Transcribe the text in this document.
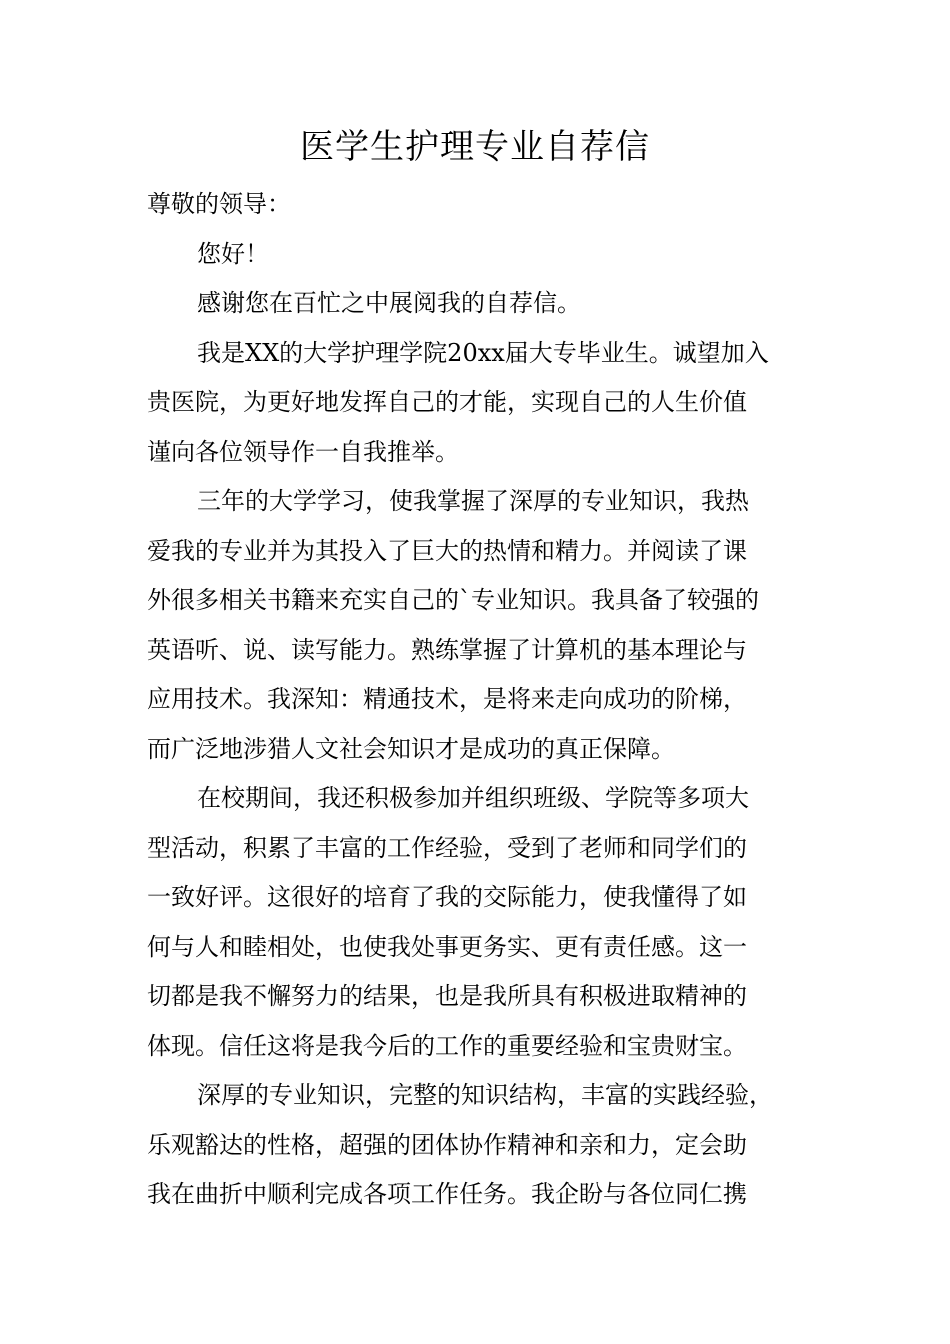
医学生护理专业自荐信
尊敬的领导：
您好！
感谢您在百忙之中展阅我的自荐信。
我是XX的大学护理学院20xx届大专毕业生。诚望加入
贵医院，为更好地发挥自己的才能，实现自己的人生价值
谨向各位领导作一自我推举。
三年的大学学习，使我掌握了深厚的专业知识，我热
爱我的专业并为其投入了巨大的热情和精力。并阅读了课
外很多相关书籍来充实自己的`专业知识。我具备了较强的
英语听、说、读写能力。熟练掌握了计算机的基本理论与
应用技术。我深知：精通技术，是将来走向成功的阶梯，
而广泛地涉猎人文社会知识才是成功的真正保障。
在校期间，我还积极参加并组织班级、学院等多项大
型活动，积累了丰富的工作经验，受到了老师和同学们的
一致好评。这很好的培育了我的交际能力，使我懂得了如
何与人和睦相处，也使我处事更务实、更有责任感。这一
切都是我不懈努力的结果，也是我所具有积极进取精神的
体现。信任这将是我今后的工作的重要经验和宝贵财宝。
深厚的专业知识，完整的知识结构，丰富的实践经验，
乐观豁达的性格，超强的团体协作精神和亲和力，定会助
我在曲折中顺利完成各项工作任务。我企盼与各位同仁携
